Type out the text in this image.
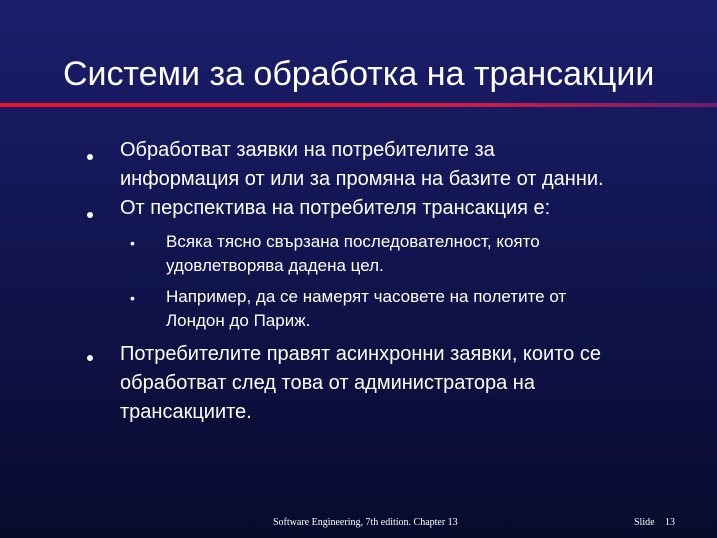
Системи за обработка на трансакции
Обработват заявки на потребителите за
информация от или за промяна на базите от данни.
От перспектива на потребителя трансакция е:
• Всяка тясно свързана последователност, която
удовлетворява дадена цел.
• Например, да се намерят часовете на полетите от
Лондон до Париж.
Потребителите правят асинхронни заявки, които се
обработват след това от администратора на
трансакциите.
Software Engineering, 7th edition. Chapter 13	Slide 13
